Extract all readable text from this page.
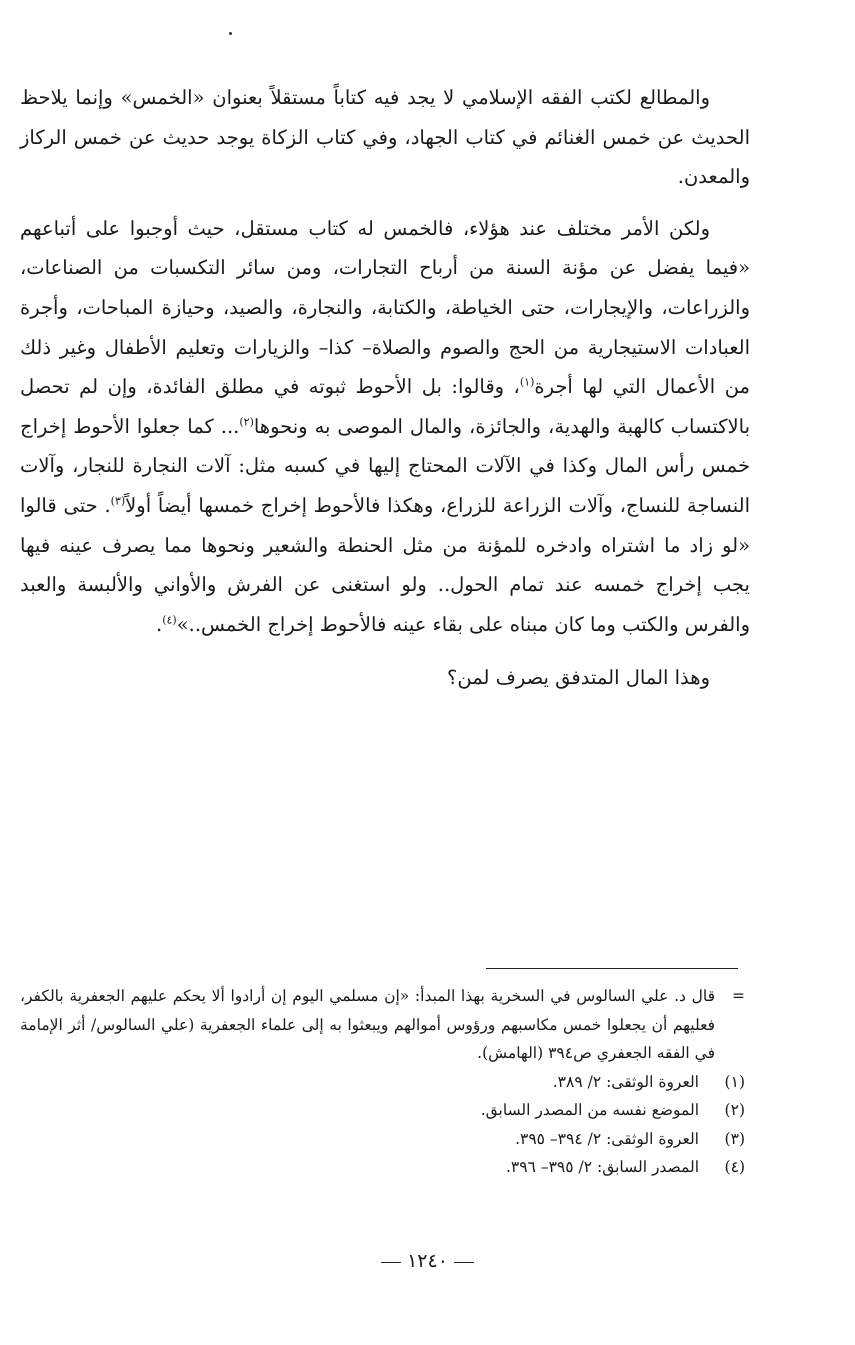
والمطالع لكتب الفقه الإسلامي لا يجد فيه كتاباً مستقلاً بعنوان «الخمس» وإنما يلاحظ الحديث عن خمس الغنائم في كتاب الجهاد، وفي كتاب الزكاة يوجد حديث عن خمس الركاز والمعدن.

ولكن الأمر مختلف عند هؤلاء، فالخمس له كتاب مستقل، حيث أوجبوا على أتباعهم «فيما يفضل عن مؤنة السنة من أرباح التجارات، ومن سائر التكسبات من الصناعات، والزراعات، والإيجارات، حتى الخياطة، والكتابة، والنجارة، والصيد، وحيازة المباحات، وأجرة العبادات الاستيجارية من الحج والصوم والصلاة– كذا– والزيارات وتعليم الأطفال وغير ذلك من الأعمال التي لها أجرة$^{(١)}$، وقالوا: بل الأحوط ثبوته في مطلق الفائدة، وإن لم تحصل بالاكتساب كالهبة والهدية، والجائزة، والمال الموصى به ونحوها$^{(٢)}$... كما جعلوا الأحوط إخراج خمس رأس المال وكذا في الآلات المحتاج إليها في كسبه مثل: آلات النجارة للنجار، وآلات النساجة للنساج، وآلات الزراعة للزراع، وهكذا فالأحوط إخراج خمسها أيضاً أولاً$^{(٣)}$. حتى قالوا «لو زاد ما اشتراه وادخره للمؤنة من مثل الحنطة والشعير ونحوها مما يصرف عينه فيها يجب إخراج خمسه عند تمام الحول.. ولو استغنى عن الفرش والأواني والألبسة والعبد والفرس والكتب وما كان مبناه على بقاء عينه فالأحوط إخراج الخمس..»$^{(٤)}$.

وهذا المال المتدفق يصرف لمن؟

=
قال د. علي السالوس في السخرية بهذا المبدأ: «إن مسلمي اليوم إن أرادوا ألا يحكم عليهم الجعفرية بالكفر، فعليهم أن يجعلوا خمس مكاسبهم ورؤوس أموالهم ويبعثوا به إلى علماء الجعفرية (علي السالوس/ أثر الإمامة في الفقه الجعفري ص٣٩٤ (الهامش).

(١)
العروة الوثقى: ٢/ ٣٨٩.
(٢)
الموضع نفسه من المصدر السابق.
(٣)
العروة الوثقى: ٢/ ٣٩٤– ٣٩٥.
(٤)
المصدر السابق: ٢/ ٣٩٥– ٣٩٦.
١٢٤٠
